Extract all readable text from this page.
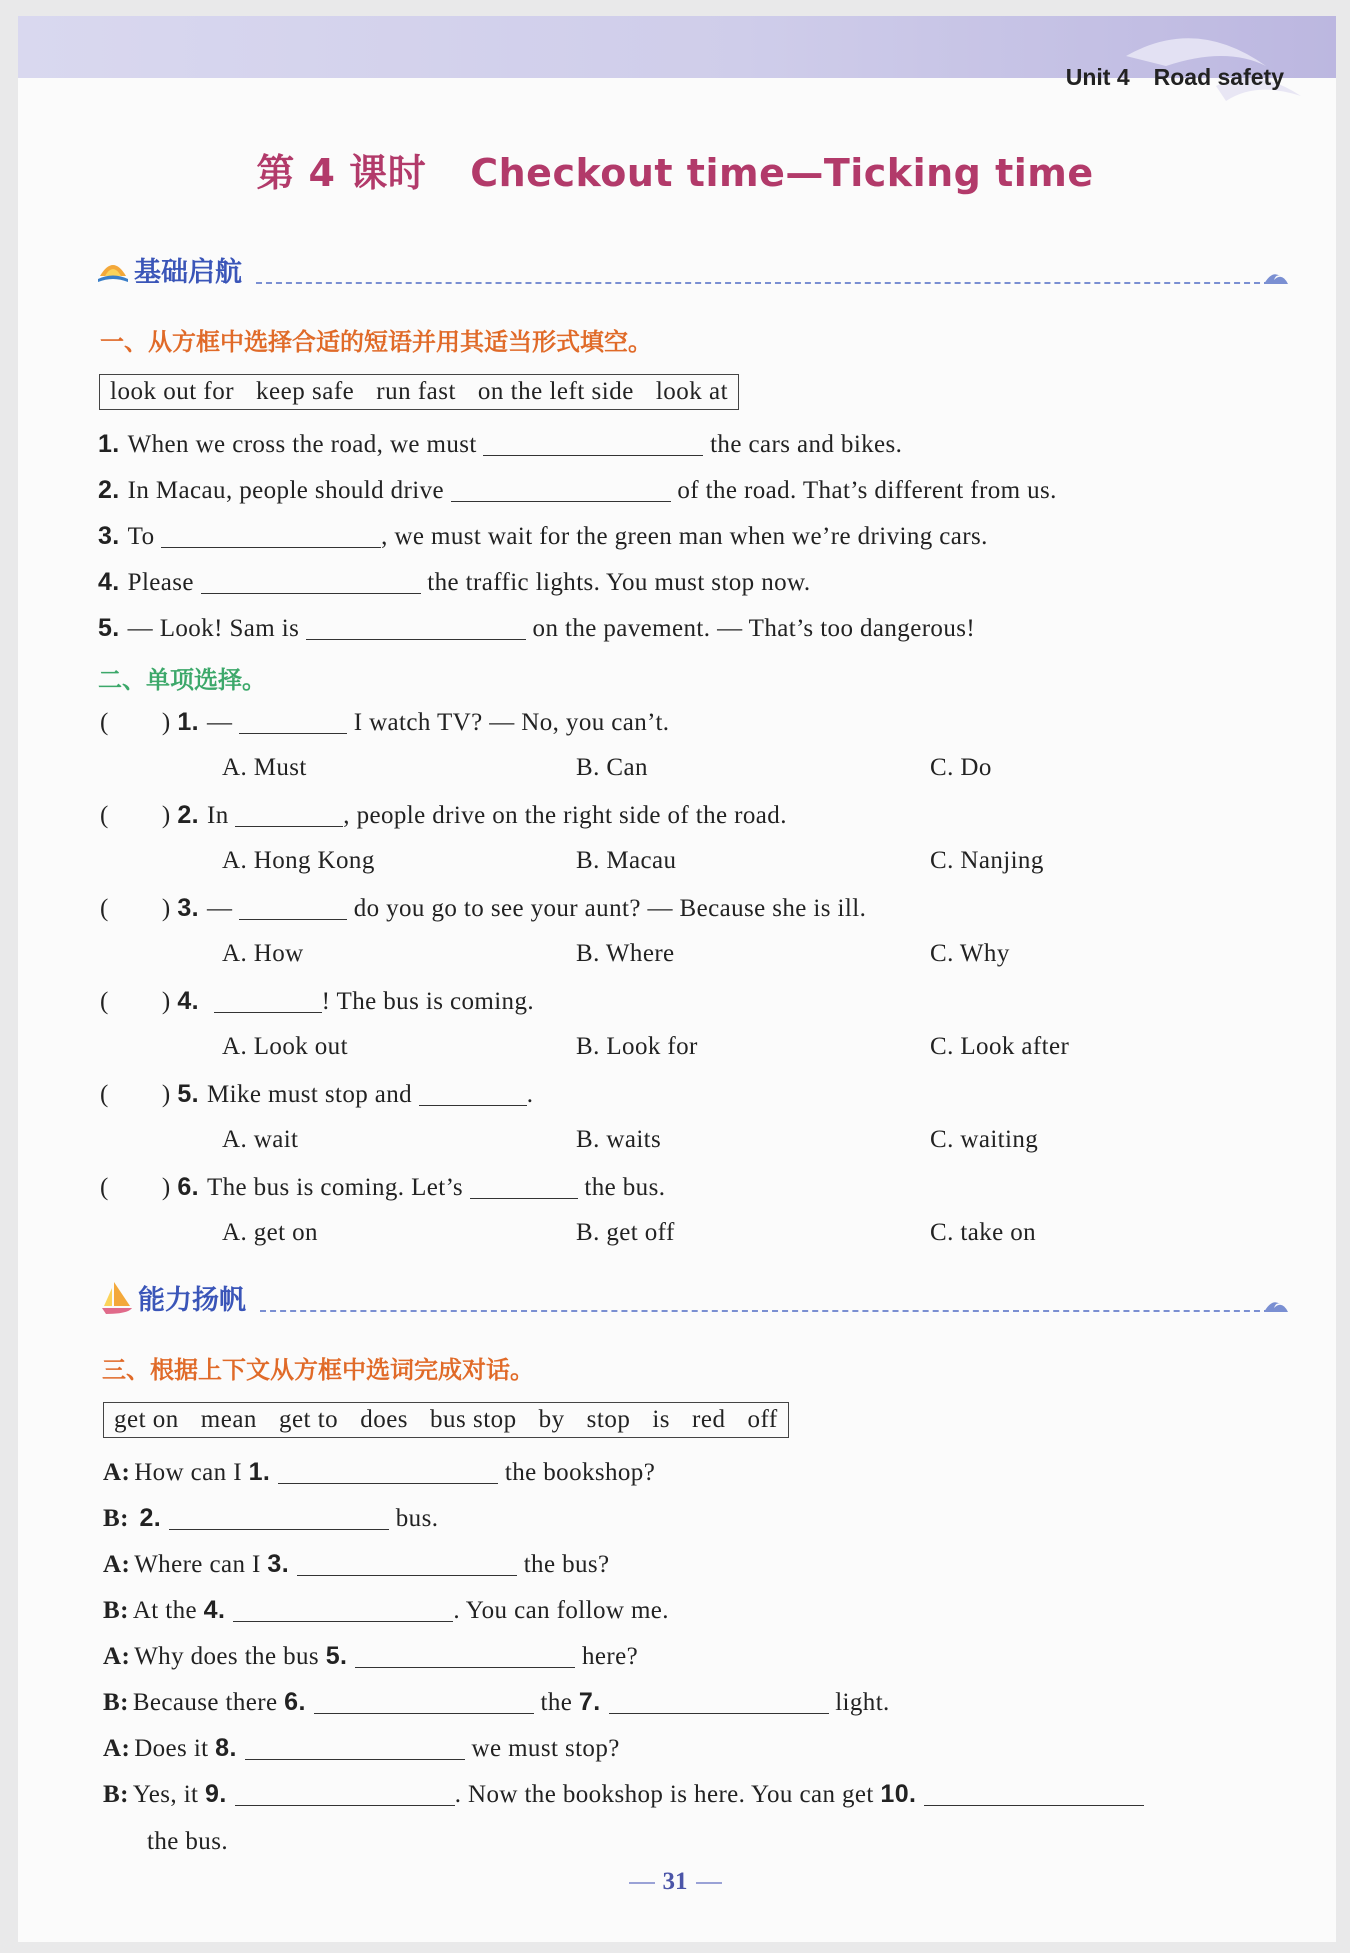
Unit 4 Road safety
第 4 课时 Checkout time—Ticking time
基础启航
一、从方框中选择合适的短语并用其适当形式填空。
look out for keep safe run fast on the left side look at
1. When we cross the road, we must	the cars and bikes.
2. In Macau, people should drive	of the road. That’s different from us.
3. To	, we must wait for the green man when we’re driving cars.
4. Please	the traffic lights. You must stop now.
5. — Look! Sam is	on the pavement. — That’s too dangerous!
二、单项选择。
(        ) 1. —	I watch TV? — No, you can’t.
A. Must	B. Can	C. Do
(        ) 2. In	, people drive on the right side of the road.
A. Hong Kong	B. Macau	C. Nanjing
(        ) 3. —	do you go to see your aunt? — Because she is ill.
A. How	B. Where	C. Why
(        ) 4.	! The bus is coming.
A. Look out	B. Look for	C. Look after
(        ) 5. Mike must stop and	.
A. wait	B. waits	C. waiting
(        ) 6. The bus is coming. Let’s	the bus.
A. get on	B. get off	C. take on
能力扬帆
三、根据上下文从方框中选词完成对话。
get on mean get to does bus stop by stop is red off
A: How can I 1.	the bookshop?
B: 2.	bus.
A: Where can I 3.	the bus?
B: At the 4.	. You can follow me.
A: Why does the bus 5.	here?
B: Because there 6.	the 7.	light.
A: Does it 8.	we must stop?
B: Yes, it 9.	. Now the bookshop is here. You can get 10.
the bus.
31
